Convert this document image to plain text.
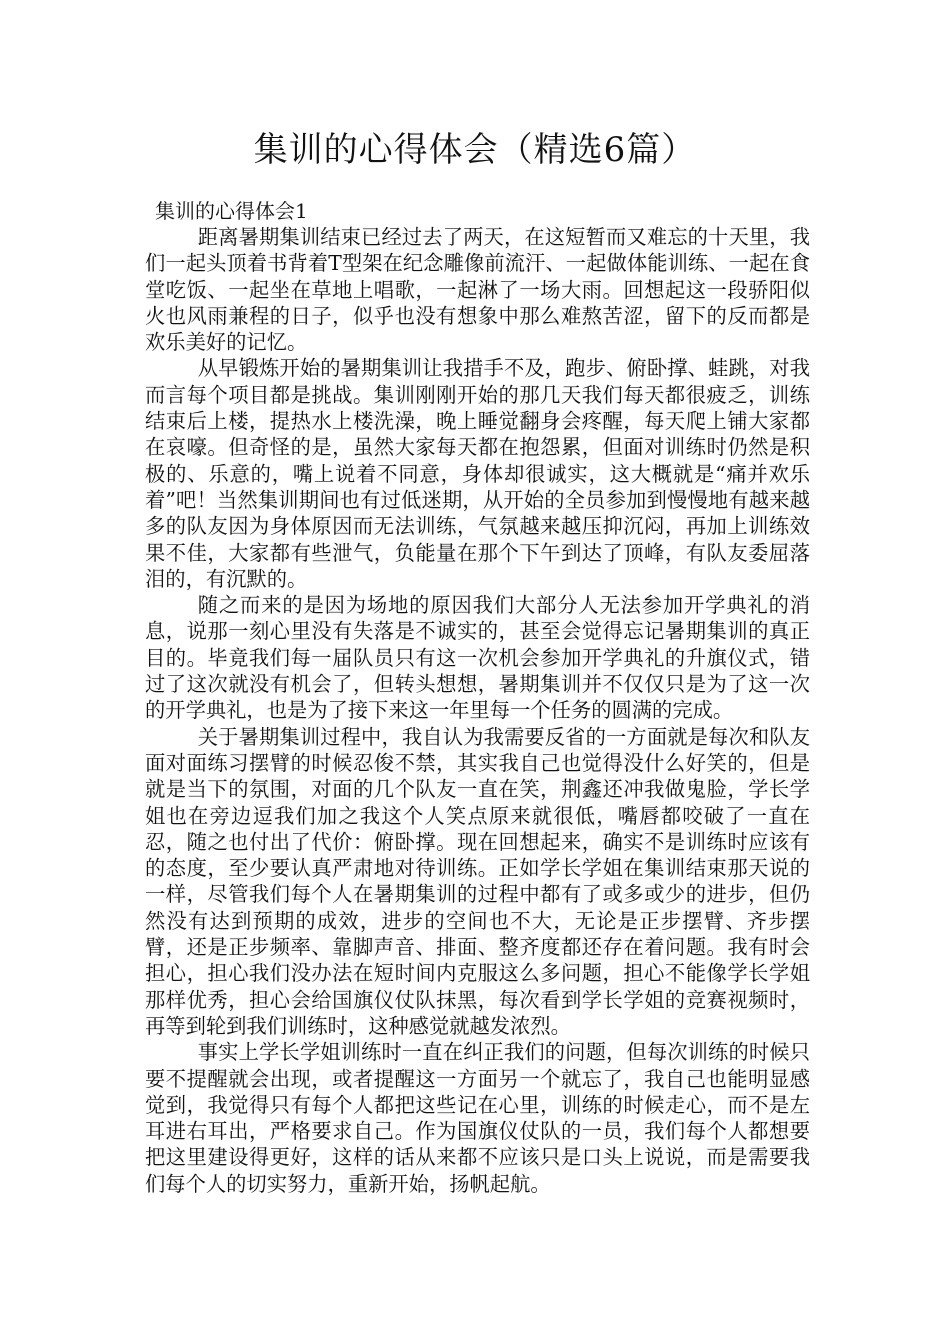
集训的心得体会（精选6篇）
集训的心得体会1

距离暑期集训结束已经过去了两天，在这短暂而又难忘的十天里，我们一起头顶着书背着T型架在纪念雕像前流汗、一起做体能训练、一起在食堂吃饭、一起坐在草地上唱歌，一起淋了一场大雨。回想起这一段骄阳似火也风雨兼程的日子，似乎也没有想象中那么难熬苦涩，留下的反而都是欢乐美好的记忆。

从早锻炼开始的暑期集训让我措手不及，跑步、俯卧撑、蛙跳，对我而言每个项目都是挑战。集训刚刚开始的那几天我们每天都很疲乏，训练结束后上楼，提热水上楼洗澡，晚上睡觉翻身会疼醒，每天爬上铺大家都在哀嚎。但奇怪的是，虽然大家每天都在抱怨累，但面对训练时仍然是积极的、乐意的，嘴上说着不同意，身体却很诚实，这大概就是“痛并欢乐着”吧！当然集训期间也有过低迷期，从开始的全员参加到慢慢地有越来越多的队友因为身体原因而无法训练，气氛越来越压抑沉闷，再加上训练效果不佳，大家都有些泄气，负能量在那个下午到达了顶峰，有队友委屈落泪的，有沉默的。

随之而来的是因为场地的原因我们大部分人无法参加开学典礼的消息，说那一刻心里没有失落是不诚实的，甚至会觉得忘记暑期集训的真正目的。毕竟我们每一届队员只有这一次机会参加开学典礼的升旗仪式，错过了这次就没有机会了，但转头想想，暑期集训并不仅仅只是为了这一次的开学典礼，也是为了接下来这一年里每一个任务的圆满的完成。

关于暑期集训过程中，我自认为我需要反省的一方面就是每次和队友面对面练习摆臂的时候忍俊不禁，其实我自己也觉得没什么好笑的，但是就是当下的氛围，对面的几个队友一直在笑，荆鑫还冲我做鬼脸，学长学姐也在旁边逗我们加之我这个人笑点原来就很低，嘴唇都咬破了一直在忍，随之也付出了代价：俯卧撑。现在回想起来，确实不是训练时应该有的态度，至少要认真严肃地对待训练。正如学长学姐在集训结束那天说的一样，尽管我们每个人在暑期集训的过程中都有了或多或少的进步，但仍然没有达到预期的成效，进步的空间也不大，无论是正步摆臂、齐步摆臂，还是正步频率、靠脚声音、排面、整齐度都还存在着问题。我有时会担心，担心我们没办法在短时间内克服这么多问题，担心不能像学长学姐那样优秀，担心会给国旗仪仗队抹黑，每次看到学长学姐的竞赛视频时，再等到轮到我们训练时，这种感觉就越发浓烈。

事实上学长学姐训练时一直在纠正我们的问题，但每次训练的时候只要不提醒就会出现，或者提醒这一方面另一个就忘了，我自己也能明显感觉到，我觉得只有每个人都把这些记在心里，训练的时候走心，而不是左耳进右耳出，严格要求自己。作为国旗仪仗队的一员，我们每个人都想要把这里建设得更好，这样的话从来都不应该只是口头上说说，而是需要我们每个人的切实努力，重新开始，扬帆起航。
